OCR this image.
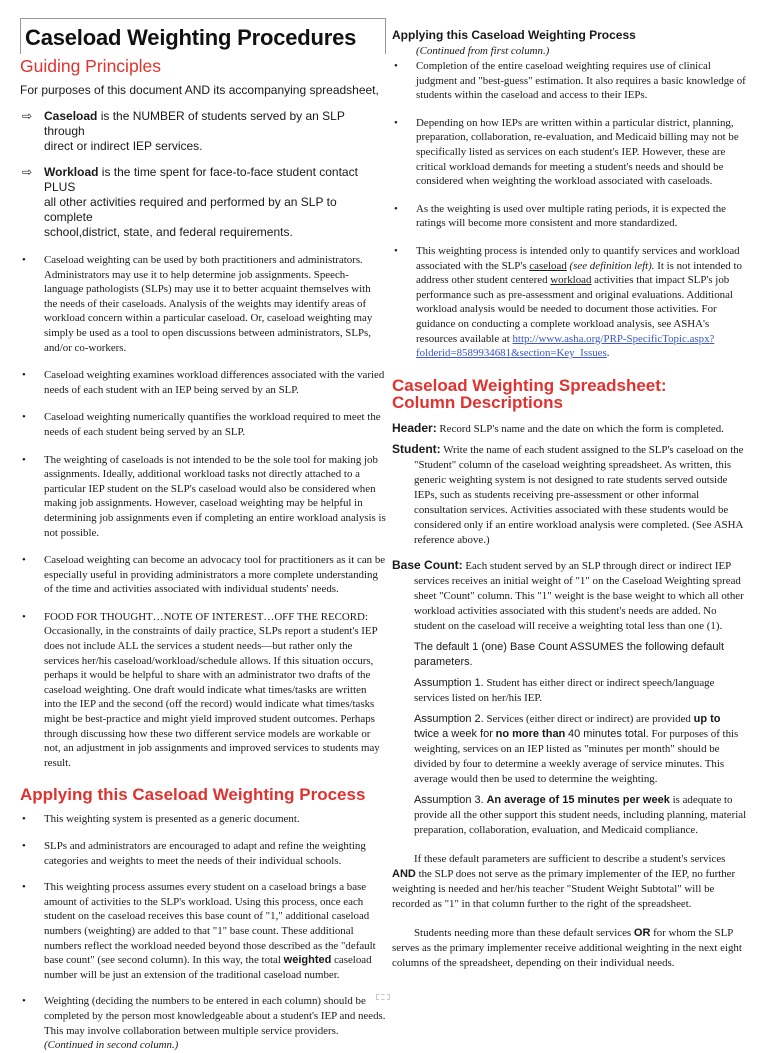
Caseload Weighting Procedures
Guiding Principles
For purposes of this document AND its accompanying spreadsheet,
⇨ Caseload is the NUMBER of students served by an SLP through
direct or indirect IEP services.
⇨ Workload is the time spent for face-to-face student contact PLUS
all other activities required and performed by an SLP to complete
school,district, state, and federal requirements.
• Caseload weighting can be used by both practitioners and administrators. Administrators may use it to help determine job assignments. Speech-language pathologists (SLPs) may use it to better acquaint themselves with the needs of their caseloads. Analysis of the weights may identify areas of workload concern within a particular caseload. Or, caseload weighting may simply be used as a tool to open discussions between administrators, SLPs, and/or co-workers.
• Caseload weighting examines workload differences associated with the varied needs of each student with an IEP being served by an SLP.
• Caseload weighting numerically quantifies the workload required to meet the needs of each student being served by an SLP.
• The weighting of caseloads is not intended to be the sole tool for making job assignments. Ideally, additional workload tasks not directly attached to a particular IEP student on the SLP's caseload would also be considered when making job assignments. However, caseload weighting may be helpful in determining job assignments even if completing an entire workload analysis is not possible.
• Caseload weighting can become an advocacy tool for practitioners as it can be especially useful in providing administrators a more complete understanding of the time and activities associated with individual students' needs.
• FOOD FOR THOUGHT…NOTE OF INTEREST…OFF THE RECORD: Occasionally, in the constraints of daily practice, SLPs report a student's IEP does not include ALL the services a student needs—but rather only the services her/his caseload/workload/schedule allows. If this situation occurs, perhaps it would be helpful to share with an administrator two drafts of the caseload weighting. One draft would indicate what times/tasks are written into the IEP and the second (off the record) would indicate what times/tasks might be best-practice and might yield improved student outcomes. Perhaps through discussing how these two different service models are workable or not, an adjustment in job assignments and improved services to students may result.
Applying this Caseload Weighting Process
• This weighting system is presented as a generic document.
• SLPs and administrators are encouraged to adapt and refine the weighting categories and weights to meet the needs of their individual schools.
• This weighting process assumes every student on a caseload brings a base amount of activities to the SLP's workload. Using this process, once each student on the caseload receives this base count of "1," additional caseload numbers (weighting) are added to that "1" base count. These additional numbers reflect the workload needed beyond those described as the "default base count" (see second column). In this way, the total weighted caseload number will be just an extension of the traditional caseload number.
• Weighting (deciding the numbers to be entered in each column) should be completed by the person most knowledgeable about a student's IEP and needs. This may involve collaboration between multiple service providers. (Continued in second column.)
Applying this Caseload Weighting Process
(Continued from first column.)
• Completion of the entire caseload weighting requires use of clinical judgment and "best-guess" estimation. It also requires a basic knowledge of students within the caseload and access to their IEPs.
• Depending on how IEPs are written within a particular district, planning, preparation, collaboration, re-evaluation, and Medicaid billing may not be specifically listed as services on each student's IEP. However, these are critical workload demands for meeting a student's needs and should be considered when weighting the workload associated with caseloads.
• As the weighting is used over multiple rating periods, it is expected the ratings will become more consistent and more standardized.
• This weighting process is intended only to quantify services and workload associated with the SLP's caseload (see definition left). It is not intended to address other student centered workload activities that impact SLP's job performance such as pre-assessment and original evaluations. Additional workload analysis would be needed to document those activities. For guidance on conducting a complete workload analysis, see ASHA's resources available at http://www.asha.org/PRP-SpecificTopic.aspx?folderid=8589934681&section=Key_Issues.
Caseload Weighting Spreadsheet:
Column Descriptions
Header: Record SLP's name and the date on which the form is completed.
Student: Write the name of each student assigned to the SLP's caseload on the "Student" column of the caseload weighting spreadsheet. As written, this generic weighting system is not designed to rate students served outside IEPs, such as students receiving pre-assessment or other informal consultation services. Activities associated with these students would be considered only if an entire workload analysis were completed. (See ASHA reference above.)
Base Count: Each student served by an SLP through direct or indirect IEP services receives an initial weight of "1" on the Caseload Weighting spread sheet "Count" column. This "1" weight is the base weight to which all other workload activities associated with this student's needs are added. No student on the caseload will receive a weighting total less than one (1).
The default 1 (one) Base Count ASSUMES the following default parameters.
Assumption 1. Student has either direct or indirect speech/language services listed on her/his IEP.
Assumption 2. Services (either direct or indirect) are provided up to twice a week for no more than 40 minutes total. For purposes of this weighting, services on an IEP listed as "minutes per month" should be divided by four to determine a weekly average of service minutes. This average would then be used to determine the weighting.
Assumption 3. An average of 15 minutes per week is adequate to provide all the other support this student needs, including planning, material preparation, collaboration, evaluation, and Medicaid compliance.
If these default parameters are sufficient to describe a student's services AND the SLP does not serve as the primary implementer of the IEP, no further weighting is needed and her/his teacher "Student Weight Subtotal" will be recorded as "1" in that column further to the right of the spreadsheet.
Students needing more than these default services OR for whom the SLP serves as the primary implementer receive additional weighting in the next eight columns of the spreadsheet, depending on their individual needs.
